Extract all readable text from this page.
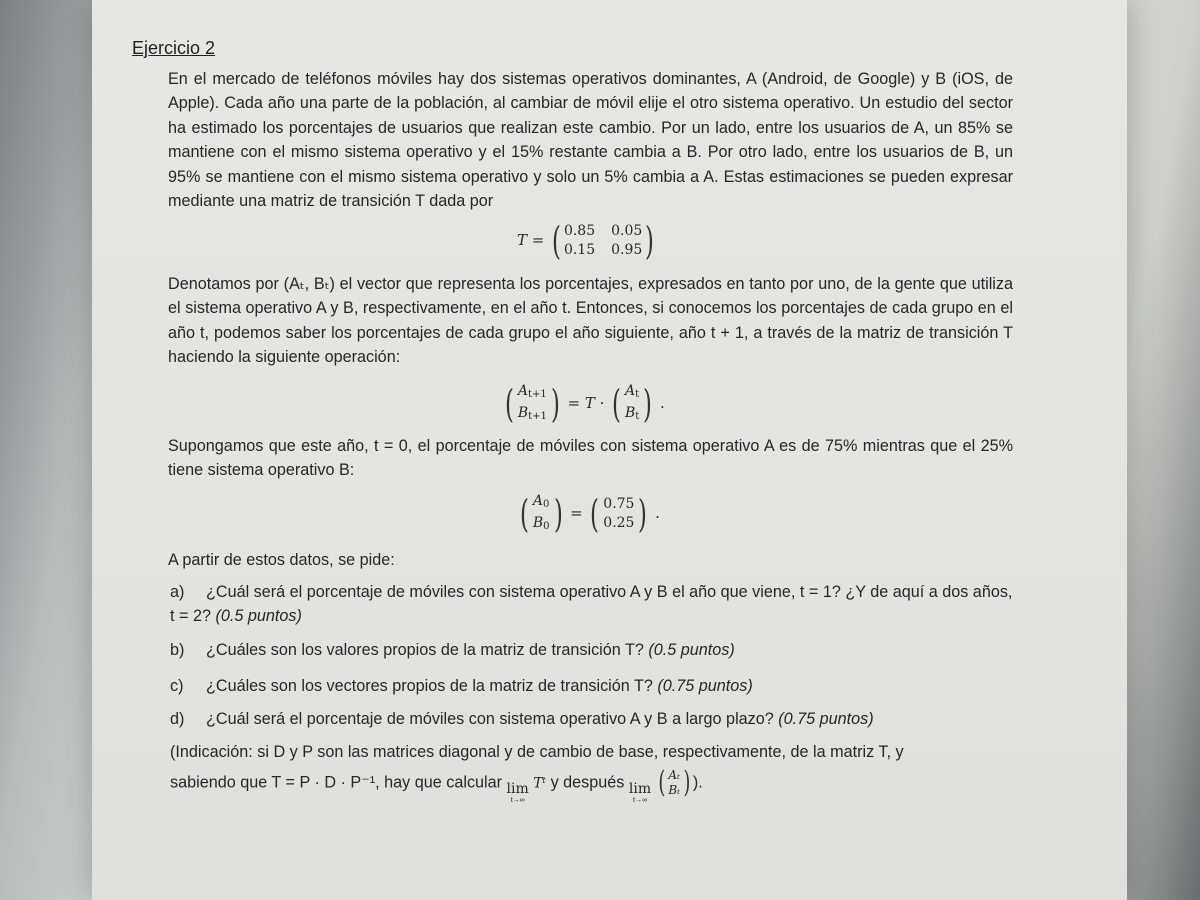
Ejercicio 2
En el mercado de teléfonos móviles hay dos sistemas operativos dominantes, A (Android, de Google) y B (iOS, de Apple). Cada año una parte de la población, al cambiar de móvil elije el otro sistema operativo. Un estudio del sector ha estimado los porcentajes de usuarios que realizan este cambio. Por un lado, entre los usuarios de A, un 85% se mantiene con el mismo sistema operativo y el 15% restante cambia a B. Por otro lado, entre los usuarios de B, un 95% se mantiene con el mismo sistema operativo y solo un 5% cambia a A. Estas estimaciones se pueden expresar mediante una matriz de transición T dada por
T = ( 0.85 0.05
0.15 0.95 )
Denotamos por (Aₜ, Bₜ) el vector que representa los porcentajes, expresados en tanto por uno, de la gente que utiliza el sistema operativo A y B, respectivamente, en el año t. Entonces, si conocemos los porcentajes de cada grupo en el año t, podemos saber los porcentajes de cada grupo el año siguiente, año t + 1, a través de la matriz de transición T haciendo la siguiente operación:
( $A_{t+1}$
$B_{t+1}$ ) = T · ( $A_t$
$B_t$ ) .
Supongamos que este año, t = 0, el porcentaje de móviles con sistema operativo A es de 75% mientras que el 25% tiene sistema operativo B:
( $A_0$
$B_0$ ) = ( 0.75
0.25 ) .
A partir de estos datos, se pide:
a) ¿Cuál será el porcentaje de móviles con sistema operativo A y B el año que viene, t = 1? ¿Y de aquí a dos años, t = 2? (0.5 puntos)
b) ¿Cuáles son los valores propios de la matriz de transición T? (0.5 puntos)
c) ¿Cuáles son los vectores propios de la matriz de transición T? (0.75 puntos)
d) ¿Cuál será el porcentaje de móviles con sistema operativo A y B a largo plazo? (0.75 puntos)
(Indicación: si D y P son las matrices diagonal y de cambio de base, respectivamente, de la matriz T, y
sabiendo que T = P · D · P⁻¹, hay que calcular lim
t→∞
Tᵗ y después lim
t→∞

( Aₜ
Bₜ ) ).
